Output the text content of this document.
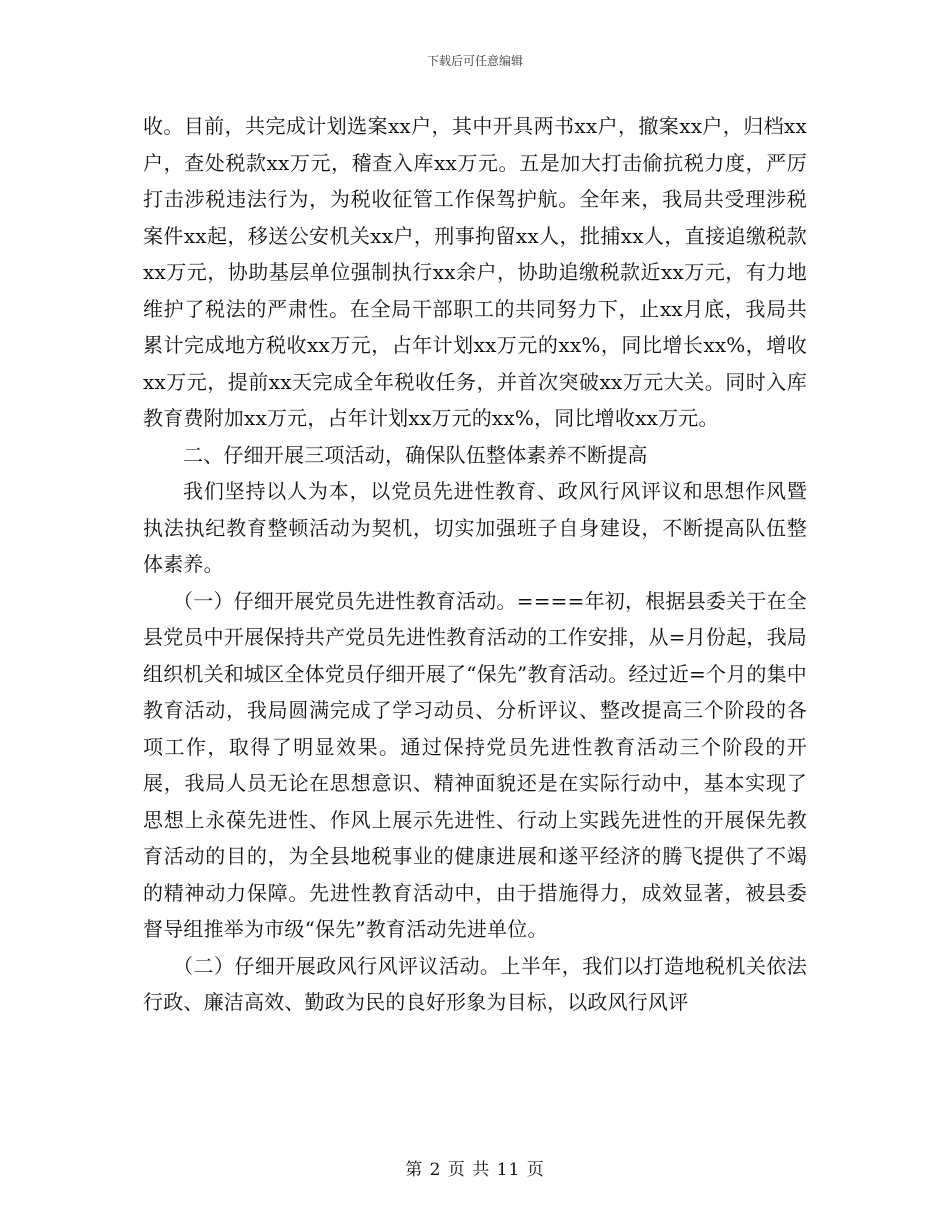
下载后可任意编辑

收。目前，共完成计划选案xx户，其中开具两书xx户，撤案xx户，归档xx户，查处税款xx万元，稽查入库xx万元。五是加大打击偷抗税力度，严厉打击涉税违法行为，为税收征管工作保驾护航。全年来，我局共受理涉税案件xx起，移送公安机关xx户，刑事拘留xx人，批捕xx人，直接追缴税款xx万元，协助基层单位强制执行xx余户，协助追缴税款近xx万元，有力地维护了税法的严肃性。在全局干部职工的共同努力下，止xx月底，我局共累计完成地方税收xx万元，占年计划xx万元的xx%，同比增长xx%，增收xx万元，提前xx天完成全年税收任务，并首次突破xx万元大关。同时入库教育费附加xx万元，占年计划xx万元的xx%，同比增收xx万元。

二、仔细开展三项活动，确保队伍整体素养不断提高

我们坚持以人为本，以党员先进性教育、政风行风评议和思想作风暨执法执纪教育整顿活动为契机，切实加强班子自身建设，不断提高队伍整体素养。

（一）仔细开展党员先进性教育活动。====年初，根据县委关于在全县党员中开展保持共产党员先进性教育活动的工作安排，从=月份起，我局组织机关和城区全体党员仔细开展了“保先”教育活动。经过近=个月的集中教育活动，我局圆满完成了学习动员、分析评议、整改提高三个阶段的各项工作，取得了明显效果。通过保持党员先进性教育活动三个阶段的开展，我局人员无论在思想意识、精神面貌还是在实际行动中，基本实现了思想上永葆先进性、作风上展示先进性、行动上实践先进性的开展保先教育活动的目的，为全县地税事业的健康进展和遂平经济的腾飞提供了不竭的精神动力保障。先进性教育活动中，由于措施得力，成效显著，被县委督导组推举为市级“保先”教育活动先进单位。

（二）仔细开展政风行风评议活动。上半年，我们以打造地税机关依法行政、廉洁高效、勤政为民的良好形象为目标，以政风行风评

第 2 页 共 11 页
